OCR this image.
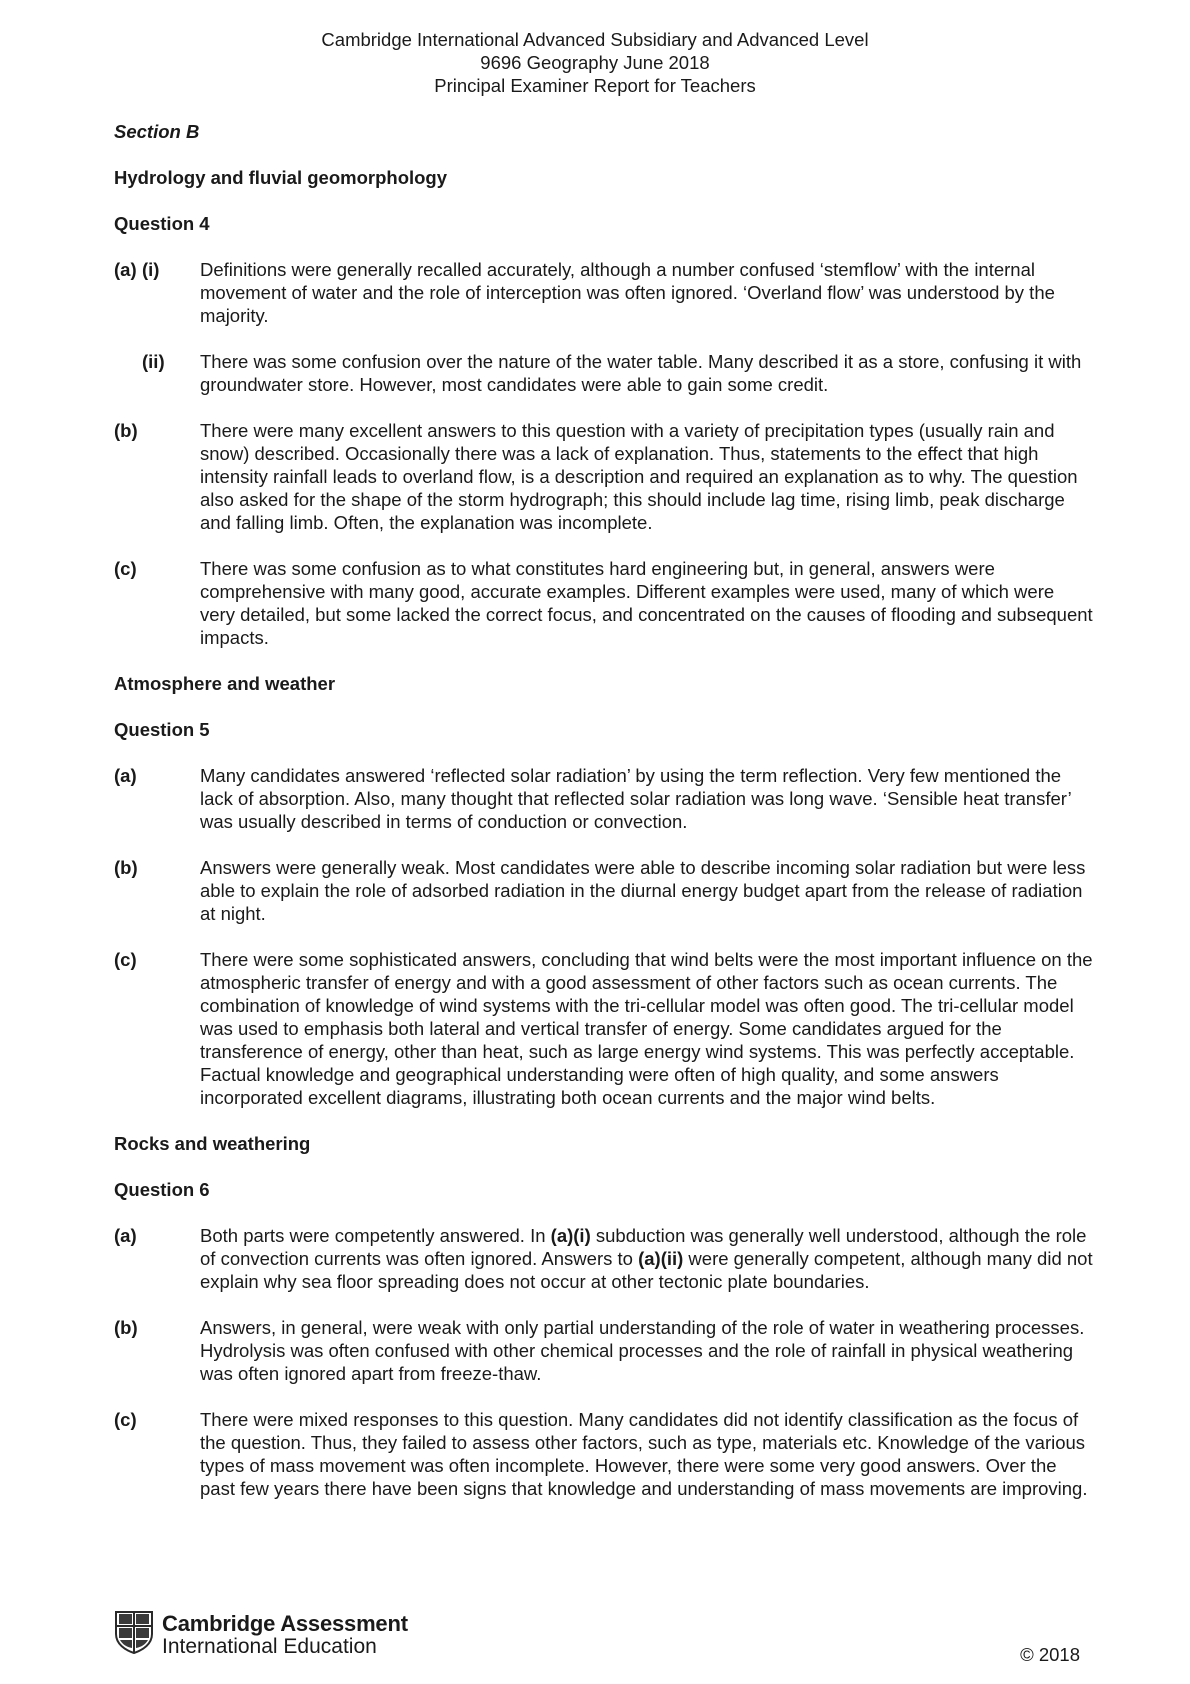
Cambridge International Advanced Subsidiary and Advanced Level
9696 Geography June 2018
Principal Examiner Report for Teachers

Section B

Hydrology and fluvial geomorphology

Question 4

(a) (i)	Definitions were generally recalled accurately, although a number confused ‘stemflow’ with the internal movement of water and the role of interception was often ignored. ‘Overland flow’ was understood by the majority.
(ii)	There was some confusion over the nature of the water table. Many described it as a store, confusing it with groundwater store. However, most candidates were able to gain some credit.
(b)	There were many excellent answers to this question with a variety of precipitation types (usually rain and snow) described. Occasionally there was a lack of explanation. Thus, statements to the effect that high intensity rainfall leads to overland flow, is a description and required an explanation as to why. The question also asked for the shape of the storm hydrograph; this should include lag time, rising limb, peak discharge and falling limb. Often, the explanation was incomplete.
(c)	There was some confusion as to what constitutes hard engineering but, in general, answers were comprehensive with many good, accurate examples. Different examples were used, many of which were very detailed, but some lacked the correct focus, and concentrated on the causes of flooding and subsequent impacts.

Atmosphere and weather

Question 5

(a)	Many candidates answered ‘reflected solar radiation’ by using the term reflection. Very few mentioned the lack of absorption. Also, many thought that reflected solar radiation was long wave. ‘Sensible heat transfer’ was usually described in terms of conduction or convection.
(b)	Answers were generally weak. Most candidates were able to describe incoming solar radiation but were less able to explain the role of adsorbed radiation in the diurnal energy budget apart from the release of radiation at night.
(c)	There were some sophisticated answers, concluding that wind belts were the most important influence on the atmospheric transfer of energy and with a good assessment of other factors such as ocean currents. The combination of knowledge of wind systems with the tri-cellular model was often good. The tri-cellular model was used to emphasis both lateral and vertical transfer of energy. Some candidates argued for the transference of energy, other than heat, such as large energy wind systems. This was perfectly acceptable. Factual knowledge and geographical understanding were often of high quality, and some answers incorporated excellent diagrams, illustrating both ocean currents and the major wind belts.

Rocks and weathering

Question 6

(a)	Both parts were competently answered. In (a)(i) subduction was generally well understood, although the role of convection currents was often ignored. Answers to (a)(ii) were generally competent, although many did not explain why sea floor spreading does not occur at other tectonic plate boundaries.
(b)	Answers, in general, were weak with only partial understanding of the role of water in weathering processes. Hydrolysis was often confused with other chemical processes and the role of rainfall in physical weathering was often ignored apart from freeze-thaw.
(c)	There were mixed responses to this question. Many candidates did not identify classification as the focus of the question. Thus, they failed to assess other factors, such as type, materials etc. Knowledge of the various types of mass movement was often incomplete. However, there were some very good answers. Over the past few years there have been signs that knowledge and understanding of mass movements are improving.
Cambridge Assessment
International Education	© 2018
